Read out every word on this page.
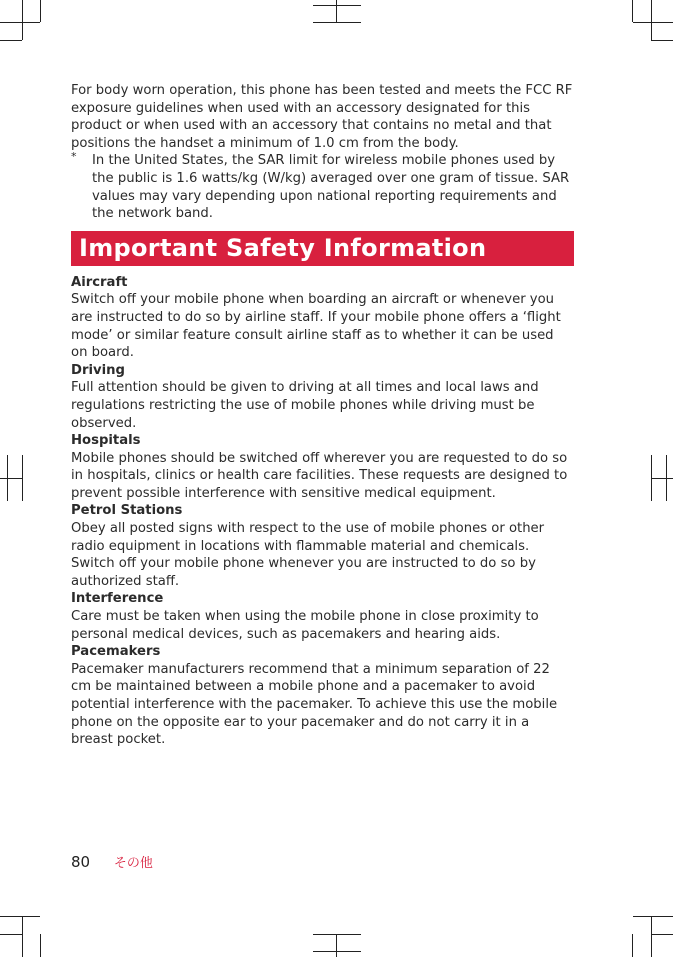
For body worn operation, this phone has been tested and meets the FCC RF exposure guidelines when used with an accessory designated for this product or when used with an accessory that contains no metal and that positions the handset a minimum of 1.0 cm from the body.

* In the United States, the SAR limit for wireless mobile phones used by the public is 1.6 watts/kg (W/kg) averaged over one gram of tissue. SAR values may vary depending upon national reporting requirements and the network band.
Important Safety Information

Aircraft

Switch off your mobile phone when boarding an aircraft or whenever you are instructed to do so by airline staff. If your mobile phone offers a ‘flight mode’ or similar feature consult airline staff as to whether it can be used on board.

Driving

Full attention should be given to driving at all times and local laws and regulations restricting the use of mobile phones while driving must be observed.

Hospitals

Mobile phones should be switched off wherever you are requested to do so in hospitals, clinics or health care facilities. These requests are designed to prevent possible interference with sensitive medical equipment.

Petrol Stations

Obey all posted signs with respect to the use of mobile phones or other radio equipment in locations with flammable material and chemicals. Switch off your mobile phone whenever you are instructed to do so by authorized staff.

Interference

Care must be taken when using the mobile phone in close proximity to personal medical devices, such as pacemakers and hearing aids.

Pacemakers

Pacemaker manufacturers recommend that a minimum separation of 22 cm be maintained between a mobile phone and a pacemaker to avoid potential interference with the pacemaker. To achieve this use the mobile phone on the opposite ear to your pacemaker and do not carry it in a breast pocket.

80 その他
